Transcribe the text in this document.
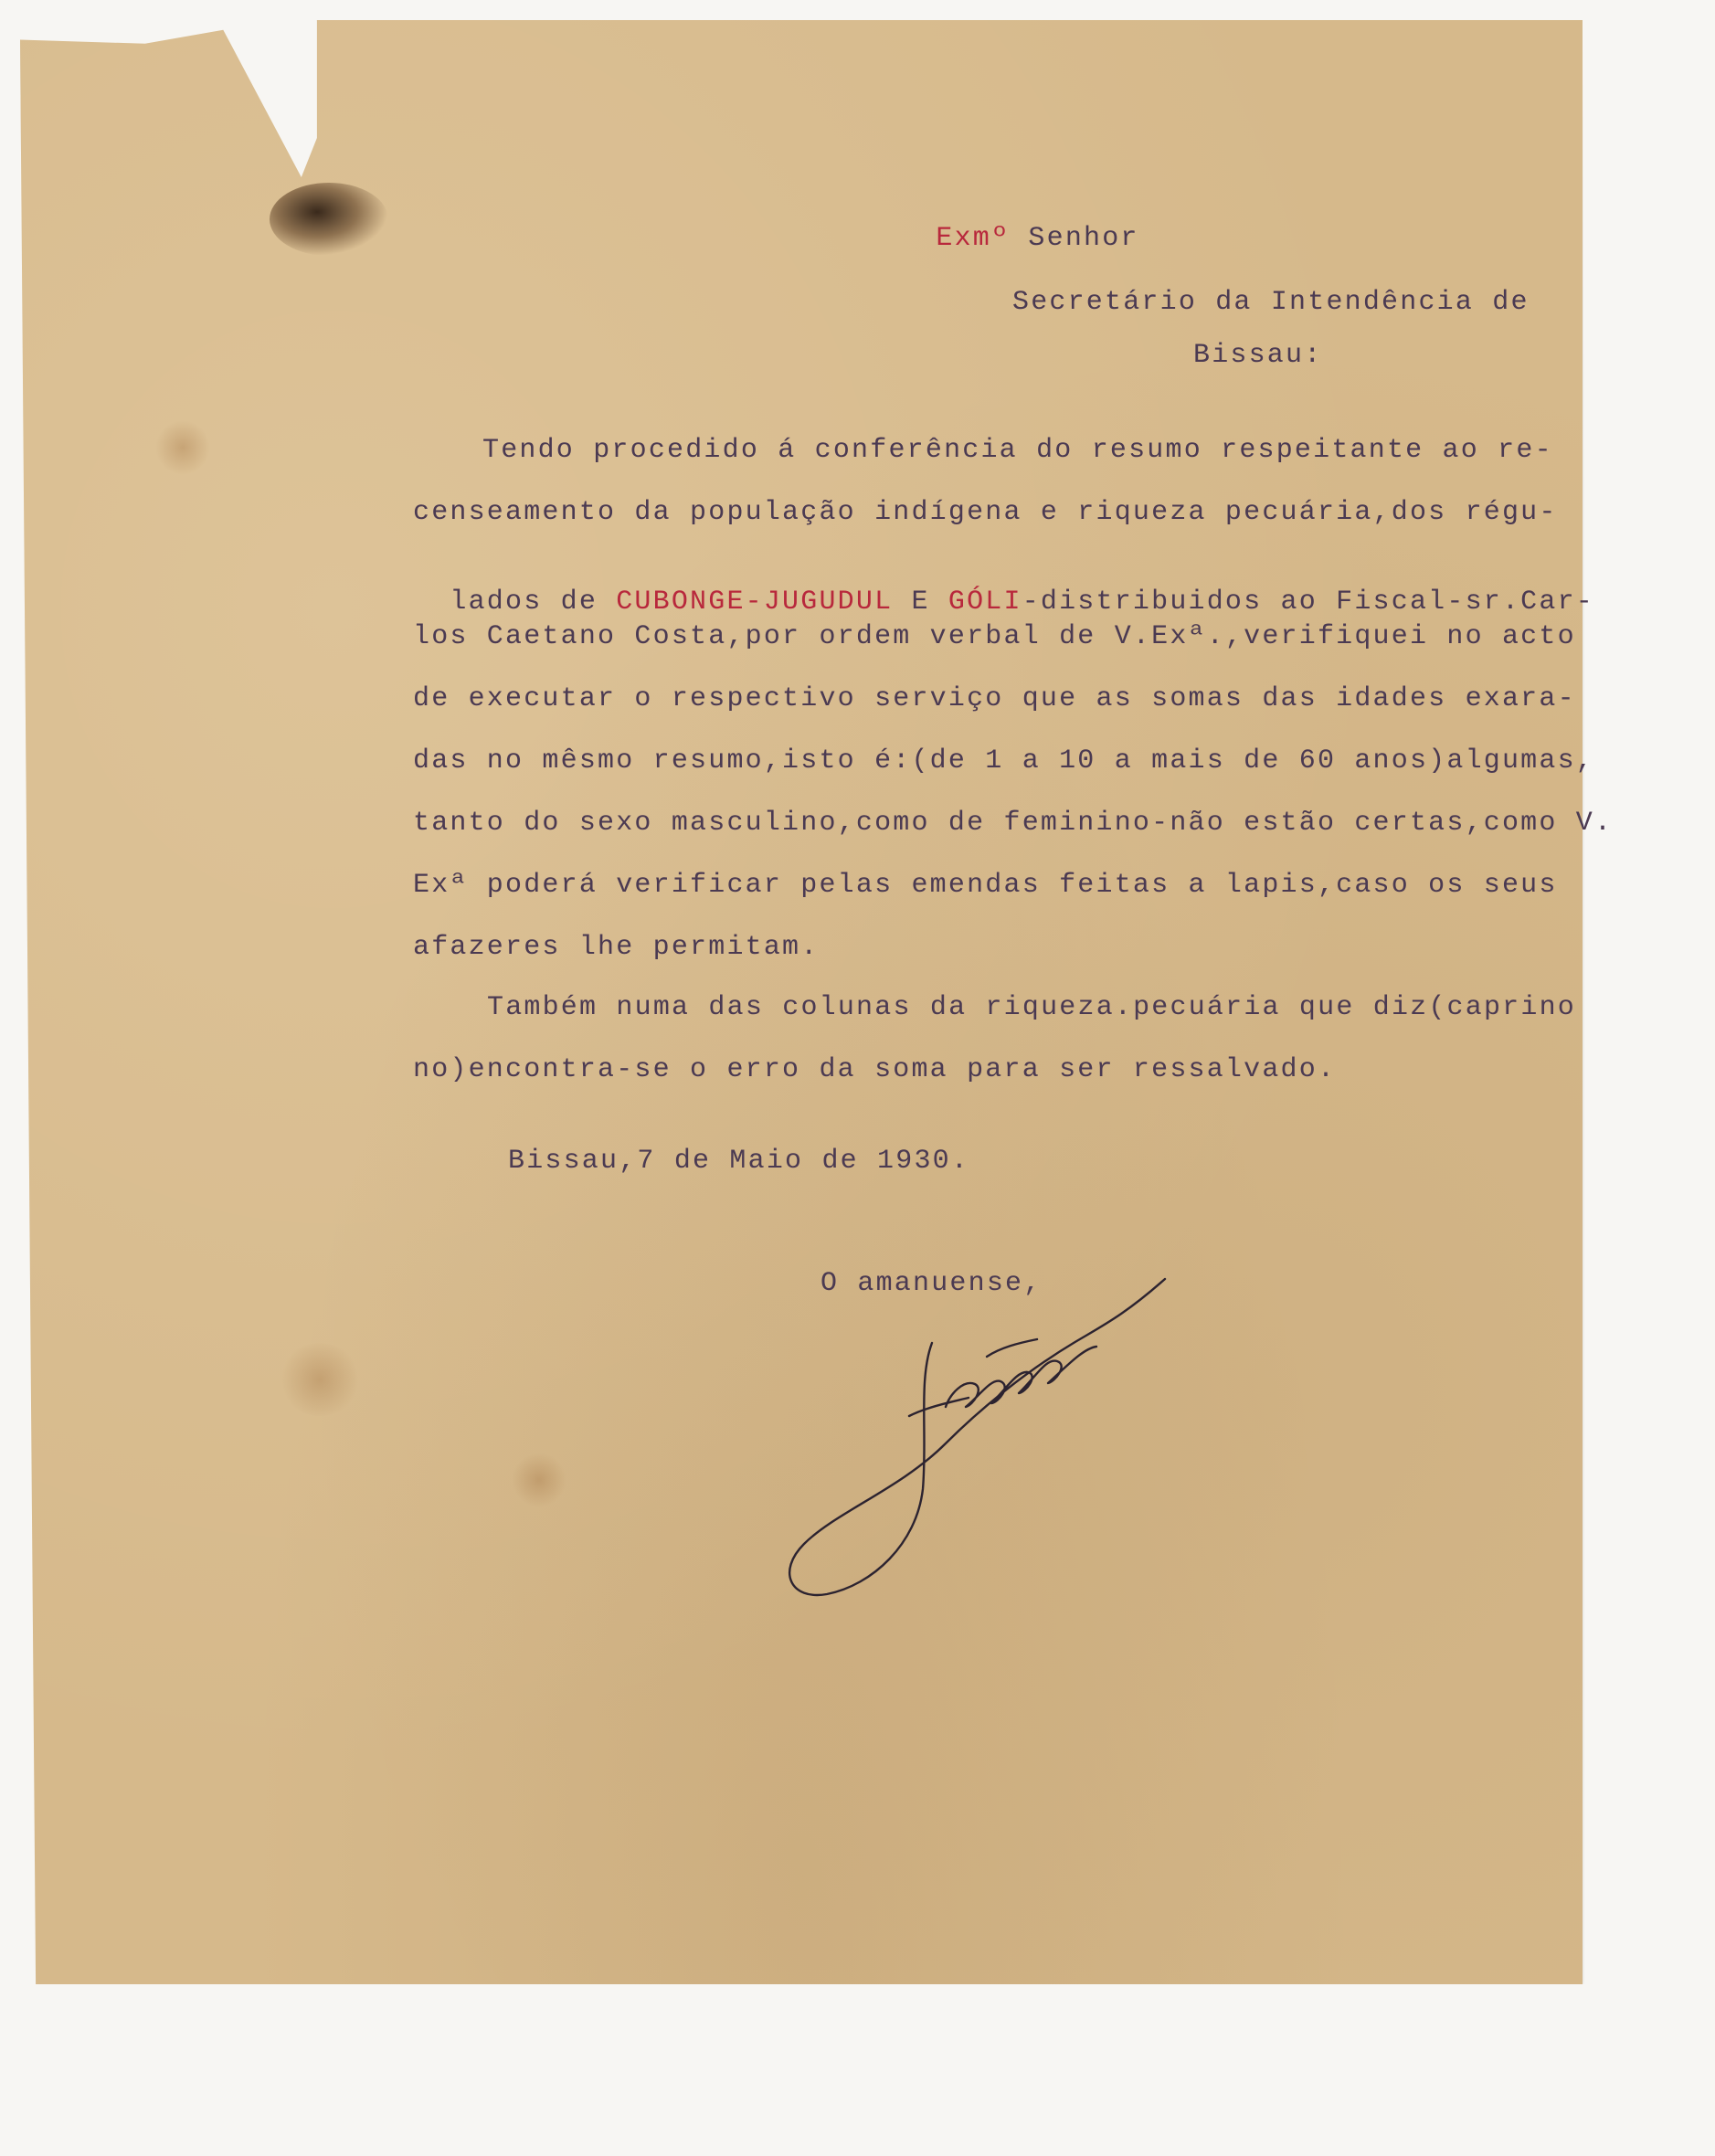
Exmº Senhor

Secretário da Intendência de
Bissau:
Tendo procedido á conferência do resumo respeitante ao re-
censeamento da população indígena e riqueza pecuária,dos régu-

lados de CUBONGE-JUGUDUL E GÓLI-distribuidos ao Fiscal-sr.Car-

los Caetano Costa,por ordem verbal de V.Exª.,verifiquei no acto
de executar o respectivo serviço que as somas das idades exara-
das no mêsmo resumo,isto é:(de 1 a 10 a mais de 60 anos)algumas,
tanto do sexo masculino,como de feminino-não estão certas,como V.
Exª poderá verificar pelas emendas feitas a lapis,caso os seus
afazeres lhe permitam.
Também numa das colunas da riqueza.pecuária que diz(caprino
no)encontra-se o erro da soma para ser ressalvado.
Bissau,7 de Maio de 1930.
O amanuense,
